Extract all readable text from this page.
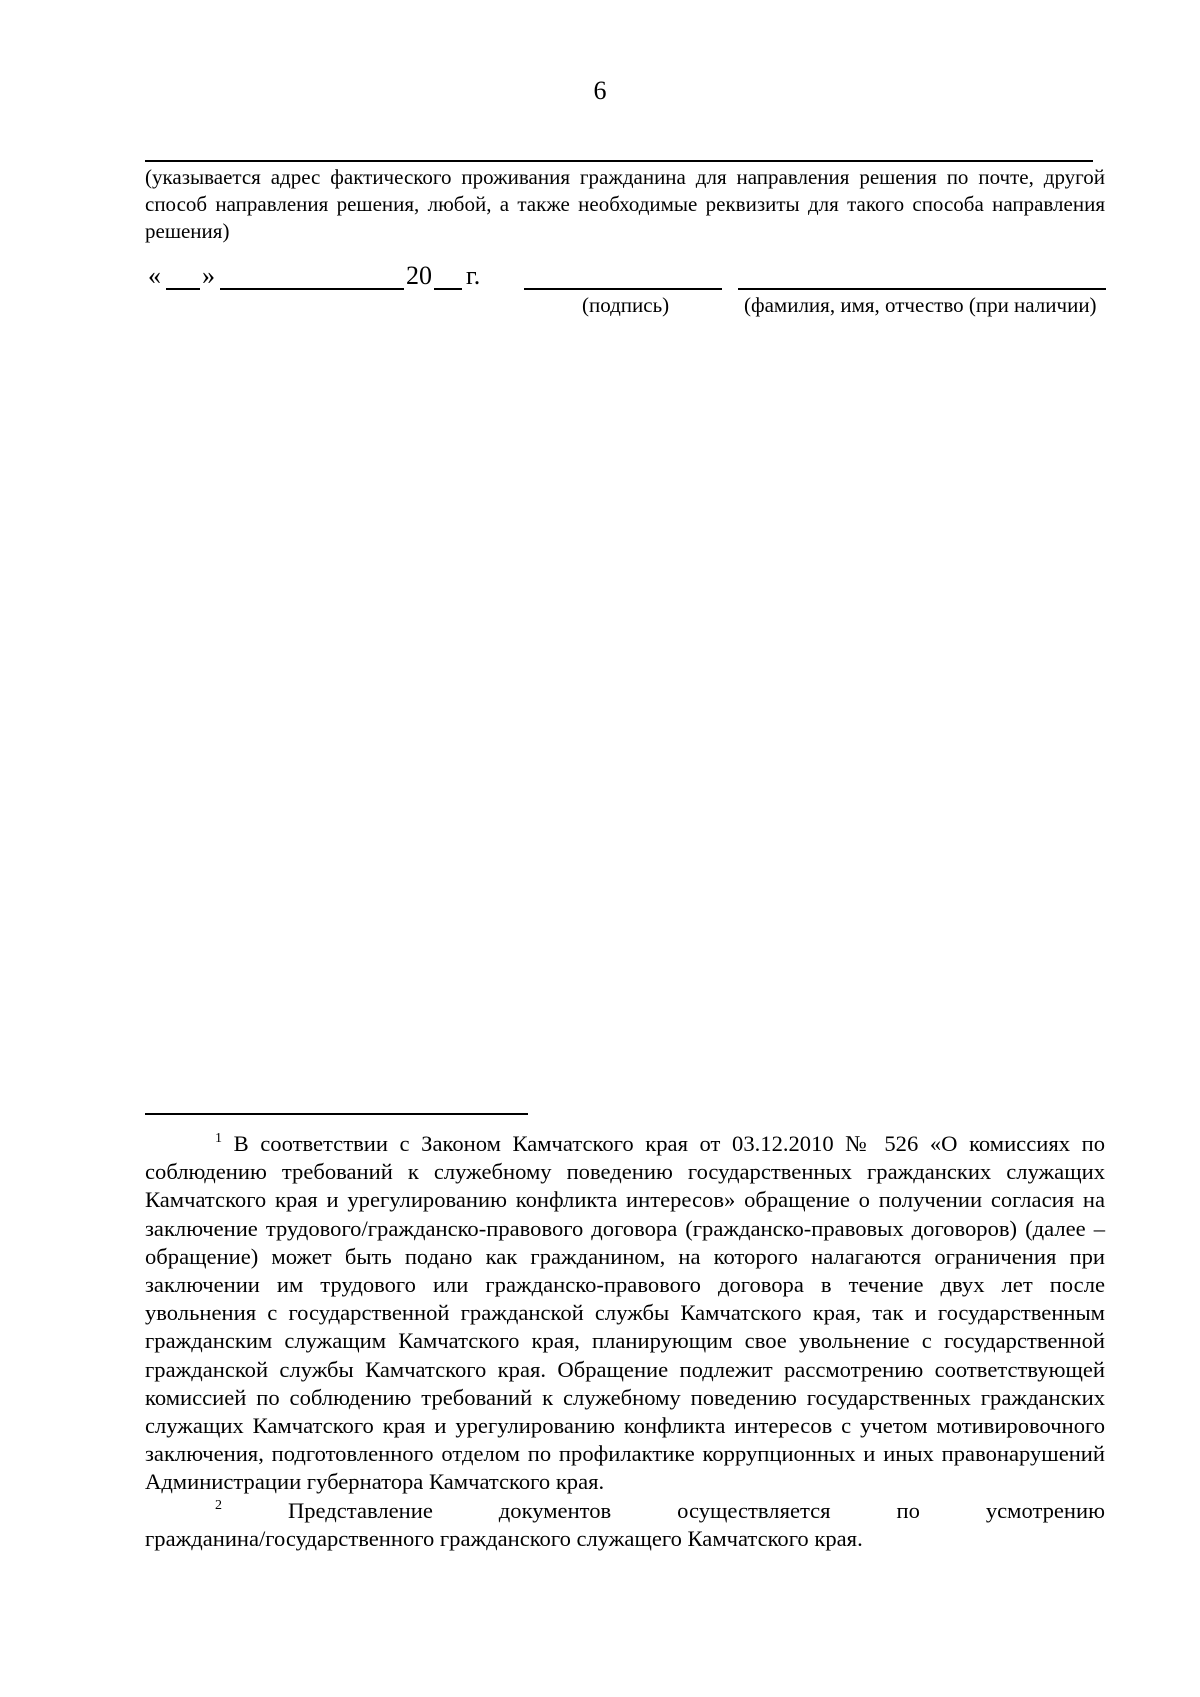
6
(указывается адрес фактического проживания гражданина для направления решения по почте, другой способ направления решения, любой, а также необходимые реквизиты для такого способа направления решения)
« »	20 г.
(подпись)	(фамилия, имя, отчество (при наличии)

$^1$ В соответствии с Законом Камчатского края от 03.12.2010 № 526 «О комиссиях по соблюдению требований к служебному поведению государственных гражданских служащих Камчатского края и урегулированию конфликта интересов» обращение о получении согласия на заключение трудового/гражданско-правового договора (гражданско-правовых договоров) (далее – обращение) может быть подано как гражданином, на которого налагаются ограничения при заключении им трудового или гражданско-правового договора в течение двух лет после увольнения с государственной гражданской службы Камчатского края, так и государственным гражданским служащим Камчатского края, планирующим свое увольнение с государственной гражданской службы Камчатского края. Обращение подлежит рассмотрению соответствующей комиссией по соблюдению требований к служебному поведению государственных гражданских служащих Камчатского края и урегулированию конфликта интересов с учетом мотивировочного заключения, подготовленного отделом по профилактике коррупционных и иных правонарушений Администрации губернатора Камчатского края.

$^2$ Представление документов осуществляется по усмотрению

гражданина/государственного гражданского служащего Камчатского края.
